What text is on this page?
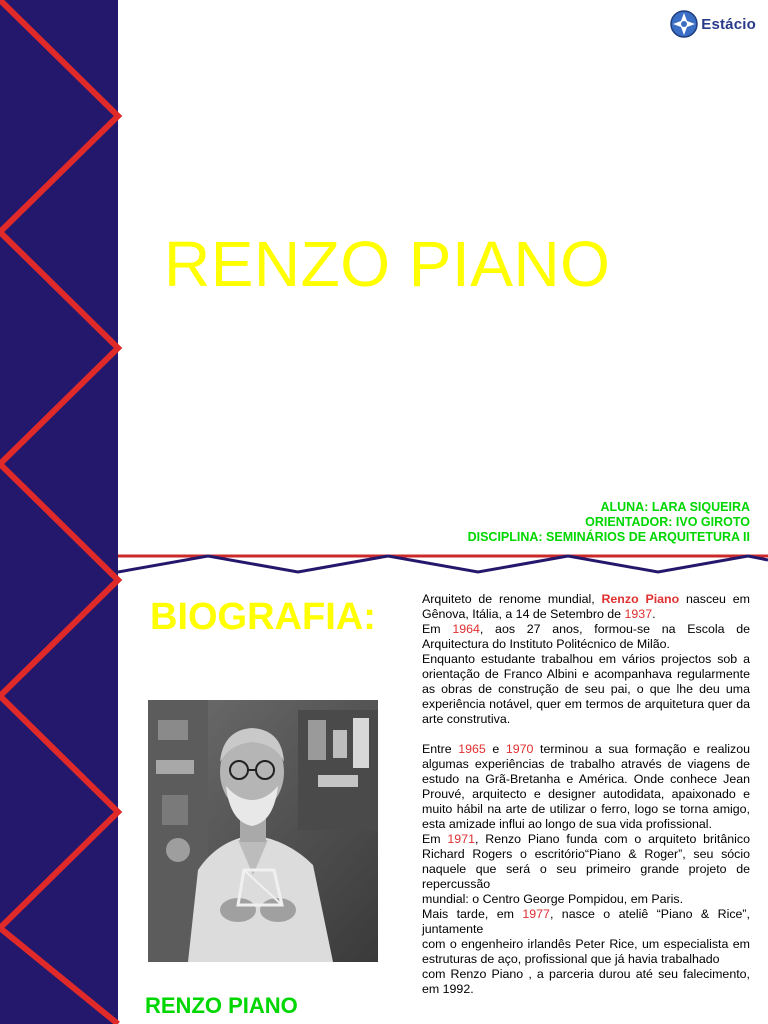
Estácio
RENZO PIANO
ALUNA: LARA SIQUEIRA
ORIENTADOR: IVO GIROTO
DISCIPLINA: SEMINÁRIOS DE ARQUITETURA II
BIOGRAFIA:
RENZO PIANO

Arquiteto de renome mundial, Renzo Piano nasceu em Gênova, Itália, a 14 de Setembro de 1937.

Em 1964, aos 27 anos, formou-se na Escola de Arquitectura do Instituto Politécnico de Milão.

Enquanto estudante trabalhou em vários projectos sob a orientação de Franco Albini e acompanhava regularmente as obras de construção de seu pai, o que lhe deu uma experiência notável, quer em termos de arquitetura quer da arte construtiva.

Entre 1965 e 1970 terminou a sua formação e realizou algumas experiências de trabalho através de viagens de estudo na Grã-Bretanha e América. Onde conhece Jean Prouvé, arquitecto e designer autodidata, apaixonado e muito hábil na arte de utilizar o ferro, logo se torna amigo, esta amizade influi ao longo de sua vida profissional.

Em 1971, Renzo Piano funda com o arquiteto britânico Richard Rogers o escritório“Piano & Roger”, seu sócio naquele que será o seu primeiro grande projeto de repercussão

mundial: o Centro George Pompidou, em Paris.

Mais tarde, em 1977, nasce o ateliê “Piano & Rice”, juntamente

com o engenheiro irlandês Peter Rice, um especialista em estruturas de aço, profissional que já havia trabalhado

com Renzo Piano , a parceria durou até seu falecimento, em 1992.
